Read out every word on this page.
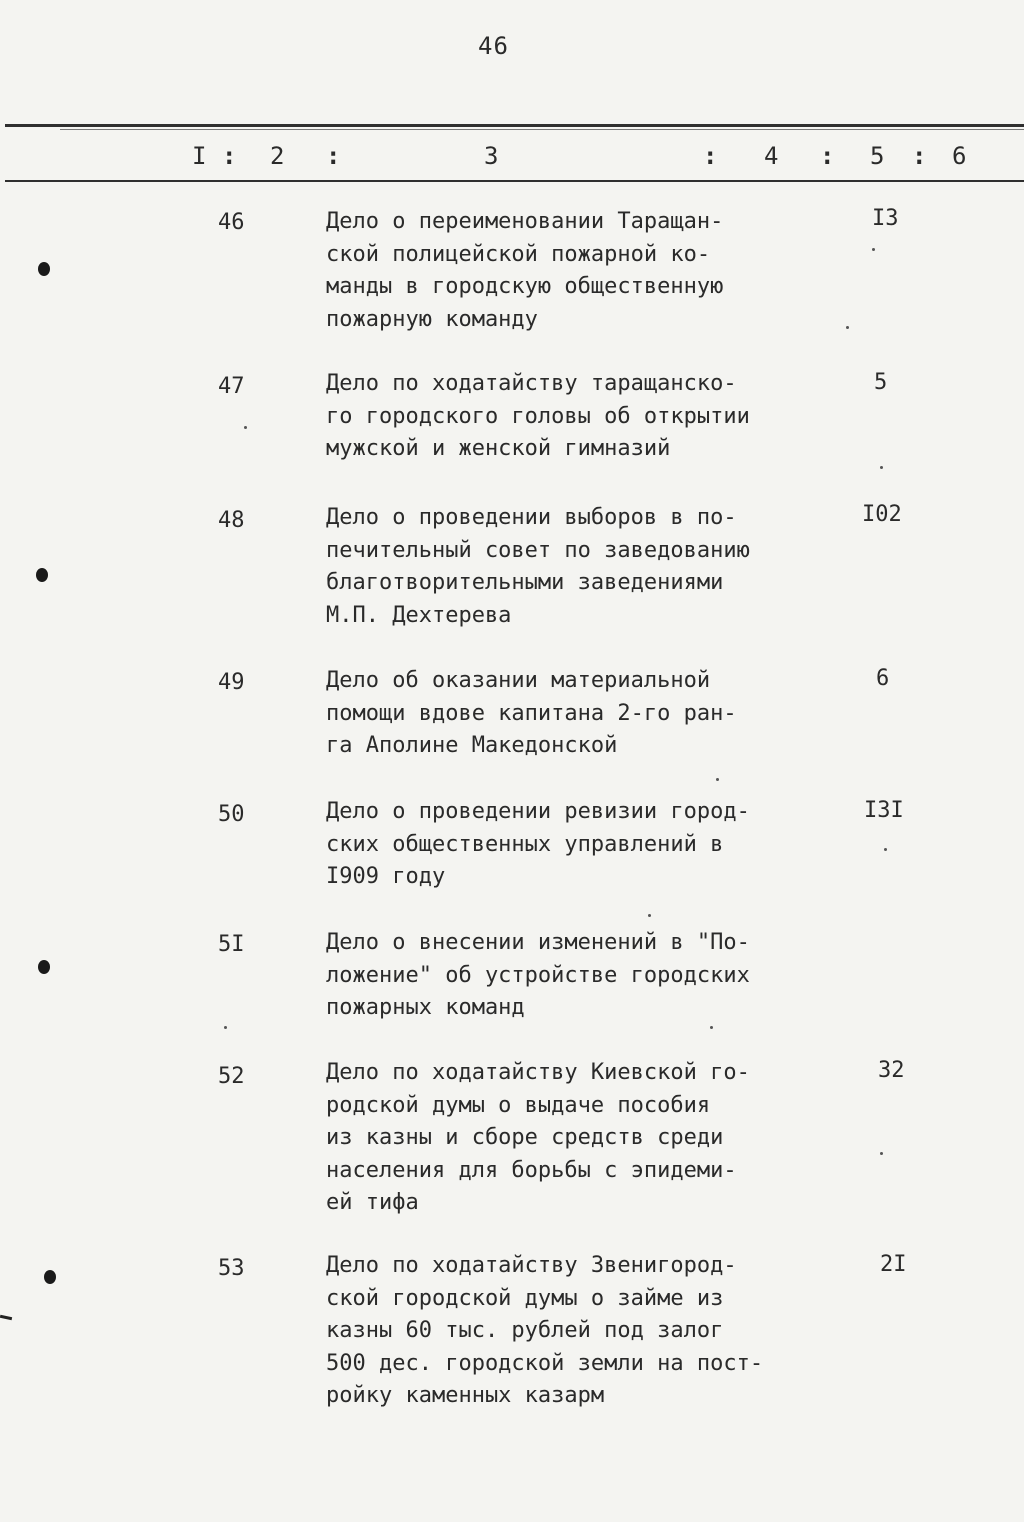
46
I : 2 :	3	: 4 : 5 : 6
46	Дело о переименовании Таращан-
ской полицейской пожарной ко-
манды в городскую общественную
пожарную команду
I3
47	Дело по ходатайству таращанско-
го городского головы об открытии
мужской и женской гимназий
5
48	Дело о проведении выборов в по-
печительный совет по заведованию
благотворительными заведениями
М.П. Дехтерева
I02
49	Дело об оказании материальной
помощи вдове капитана 2-го ран-
га Аполине Македонской
6
50	Дело о проведении ревизии город-
ских общественных управлений в
I909 году
I3I
5I	Дело о внесении изменений в "По-
ложение" об устройстве городских
пожарных команд
52	Дело по ходатайству Киевской го-
родской думы о выдаче пособия
из казны и сборе средств среди
населения для борьбы с эпидеми-
ей тифа
32
53	Дело по ходатайству Звенигород-
ской городской думы о займе из
казны 60 тыс. рублей под залог
500 дес. городской земли на пост-
ройку каменных казарм
2I
